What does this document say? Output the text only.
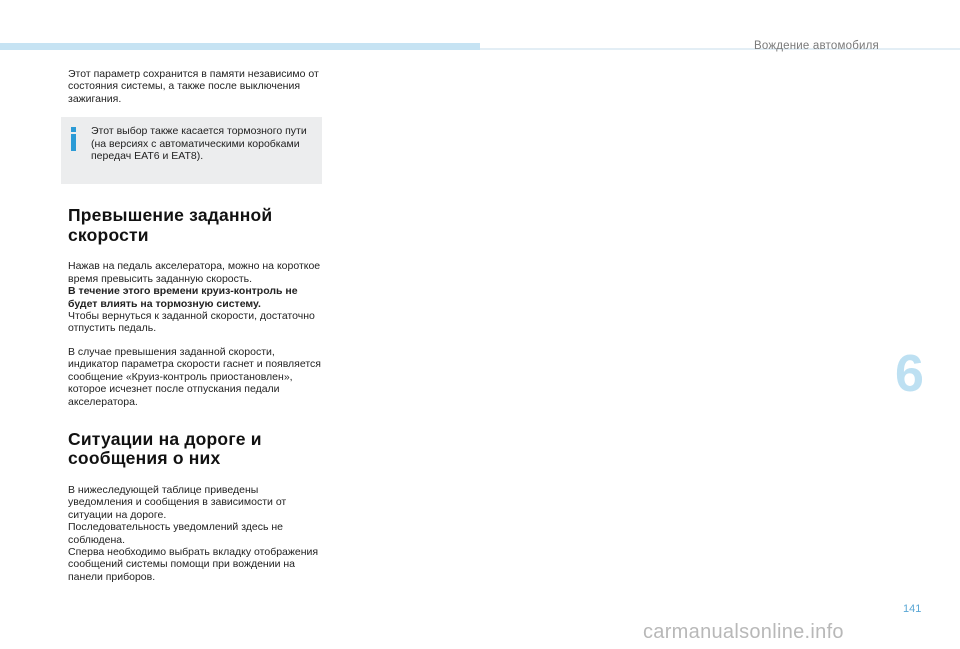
Вождение автомобиля

Этот параметр сохранится в памяти независимо от состояния системы, а также после выключения зажигания.

Этот выбор также касается тормозного пути (на версиях с автоматическими коробками передач EAT6 и EAT8).

Превышение заданной
скорости

Нажав на педаль акселератора, можно на короткое время превысить заданную скорость.
В течение этого времени круиз-контроль не будет влиять на тормозную систему.
Чтобы вернуться к заданной скорости, достаточно отпустить педаль.

В случае превышения заданной скорости, индикатор параметра скорости гаснет и появляется сообщение «Круиз-контроль приостановлен», которое исчезнет после отпускания педали акселератора.

Ситуации на дороге и
сообщения о них

В нижеследующей таблице приведены уведомления и сообщения в зависимости от ситуации на дороге.

Последовательность уведомлений здесь не соблюдена.

Сперва необходимо выбрать вкладку отображения сообщений системы помощи при вождении на панели приборов.

6
141
carmanualsonline.info
